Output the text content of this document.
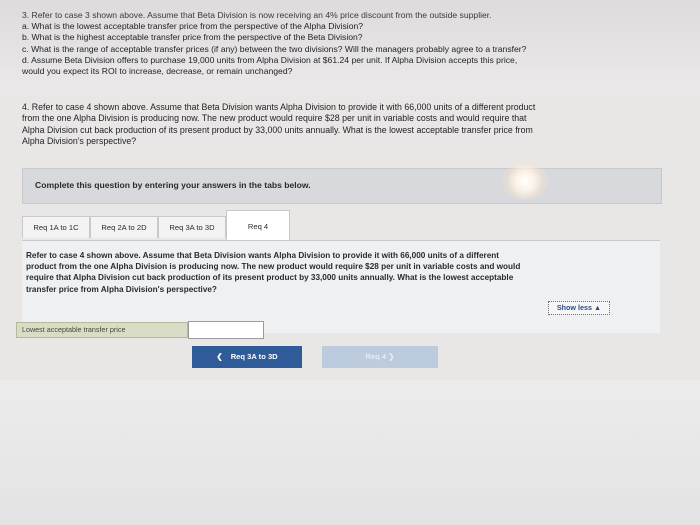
3. Refer to case 3 shown above. Assume that Beta Division is now receiving an 4% price discount from the outside supplier.
a. What is the lowest acceptable transfer price from the perspective of the Alpha Division?
b. What is the highest acceptable transfer price from the perspective of the Beta Division?
c. What is the range of acceptable transfer prices (if any) between the two divisions? Will the managers probably agree to a transfer?
d. Assume Beta Division offers to purchase 19,000 units from Alpha Division at $61.24 per unit. If Alpha Division accepts this price,
would you expect its ROI to increase, decrease, or remain unchanged?
4. Refer to case 4 shown above. Assume that Beta Division wants Alpha Division to provide it with 66,000 units of a different product
from the one Alpha Division is producing now. The new product would require $28 per unit in variable costs and would require that
Alpha Division cut back production of its present product by 33,000 units annually. What is the lowest acceptable transfer price from
Alpha Division's perspective?
Complete this question by entering your answers in the tabs below.
Req 1A to 1C	Req 2A to 2D	Req 3A to 3D	Req 4
Refer to case 4 shown above. Assume that Beta Division wants Alpha Division to provide it with 66,000 units of a different
product from the one Alpha Division is producing now. The new product would require $28 per unit in variable costs and would
require that Alpha Division cut back production of its present product by 33,000 units annually. What is the lowest acceptable
transfer price from Alpha Division's perspective?
Show less ▲
Lowest acceptable transfer price
❮ Req 3A to 3D	Req 4 ❯
